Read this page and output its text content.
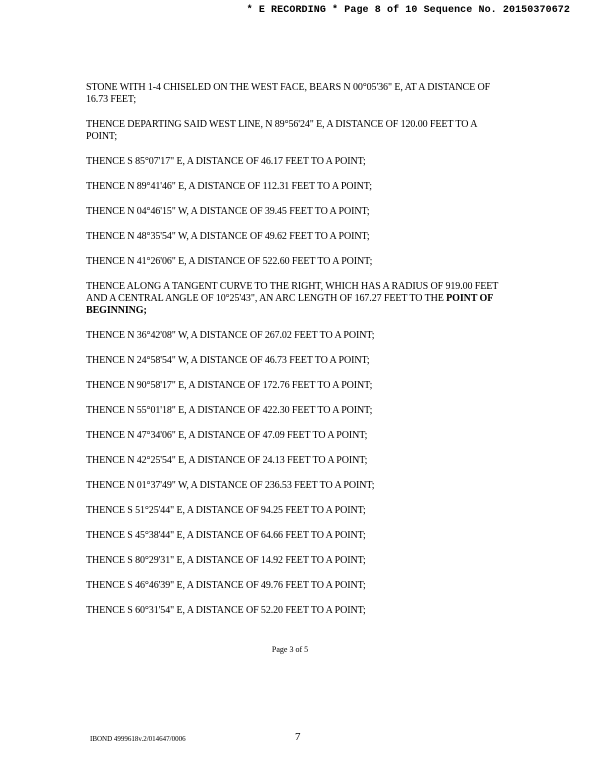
* E RECORDING * Page 8 of 10 Sequence No. 20150370672

STONE WITH 1-4 CHISELED ON THE WEST FACE, BEARS N 00°05'36" E, AT A DISTANCE OF 16.73 FEET;

THENCE DEPARTING SAID WEST LINE, N 89°56'24" E, A DISTANCE OF 120.00 FEET TO A POINT;

THENCE S 85°07'17" E, A DISTANCE OF 46.17 FEET TO A POINT;

THENCE N 89°41'46" E, A DISTANCE OF 112.31 FEET TO A POINT;

THENCE N 04°46'15" W, A DISTANCE OF 39.45 FEET TO A POINT;

THENCE N 48°35'54" W, A DISTANCE OF 49.62 FEET TO A POINT;

THENCE N 41°26'06" E, A DISTANCE OF 522.60 FEET TO A POINT;

THENCE ALONG A TANGENT CURVE TO THE RIGHT, WHICH HAS A RADIUS OF 919.00 FEET AND A CENTRAL ANGLE OF 10°25'43", AN ARC LENGTH OF 167.27 FEET TO THE POINT OF BEGINNING;

THENCE N 36°42'08" W, A DISTANCE OF 267.02 FEET TO A POINT;

THENCE N 24°58'54" W, A DISTANCE OF 46.73 FEET TO A POINT;

THENCE N 90°58'17" E, A DISTANCE OF 172.76 FEET TO A POINT;

THENCE N 55°01'18" E, A DISTANCE OF 422.30 FEET TO A POINT;

THENCE N 47°34'06" E, A DISTANCE OF 47.09 FEET TO A POINT;

THENCE N 42°25'54" E, A DISTANCE OF 24.13 FEET TO A POINT;

THENCE N 01°37'49" W, A DISTANCE OF 236.53 FEET TO A POINT;

THENCE S 51°25'44" E, A DISTANCE OF 94.25 FEET TO A POINT;

THENCE S 45°38'44" E, A DISTANCE OF 64.66 FEET TO A POINT;

THENCE S 80°29'31" E, A DISTANCE OF 14.92 FEET TO A POINT;

THENCE S 46°46'39" E, A DISTANCE OF 49.76 FEET TO A POINT;

THENCE S 60°31'54" E, A DISTANCE OF 52.20 FEET TO A POINT;

Page 3 of 5
IBOND 4999618v.2/014647/0006	7
